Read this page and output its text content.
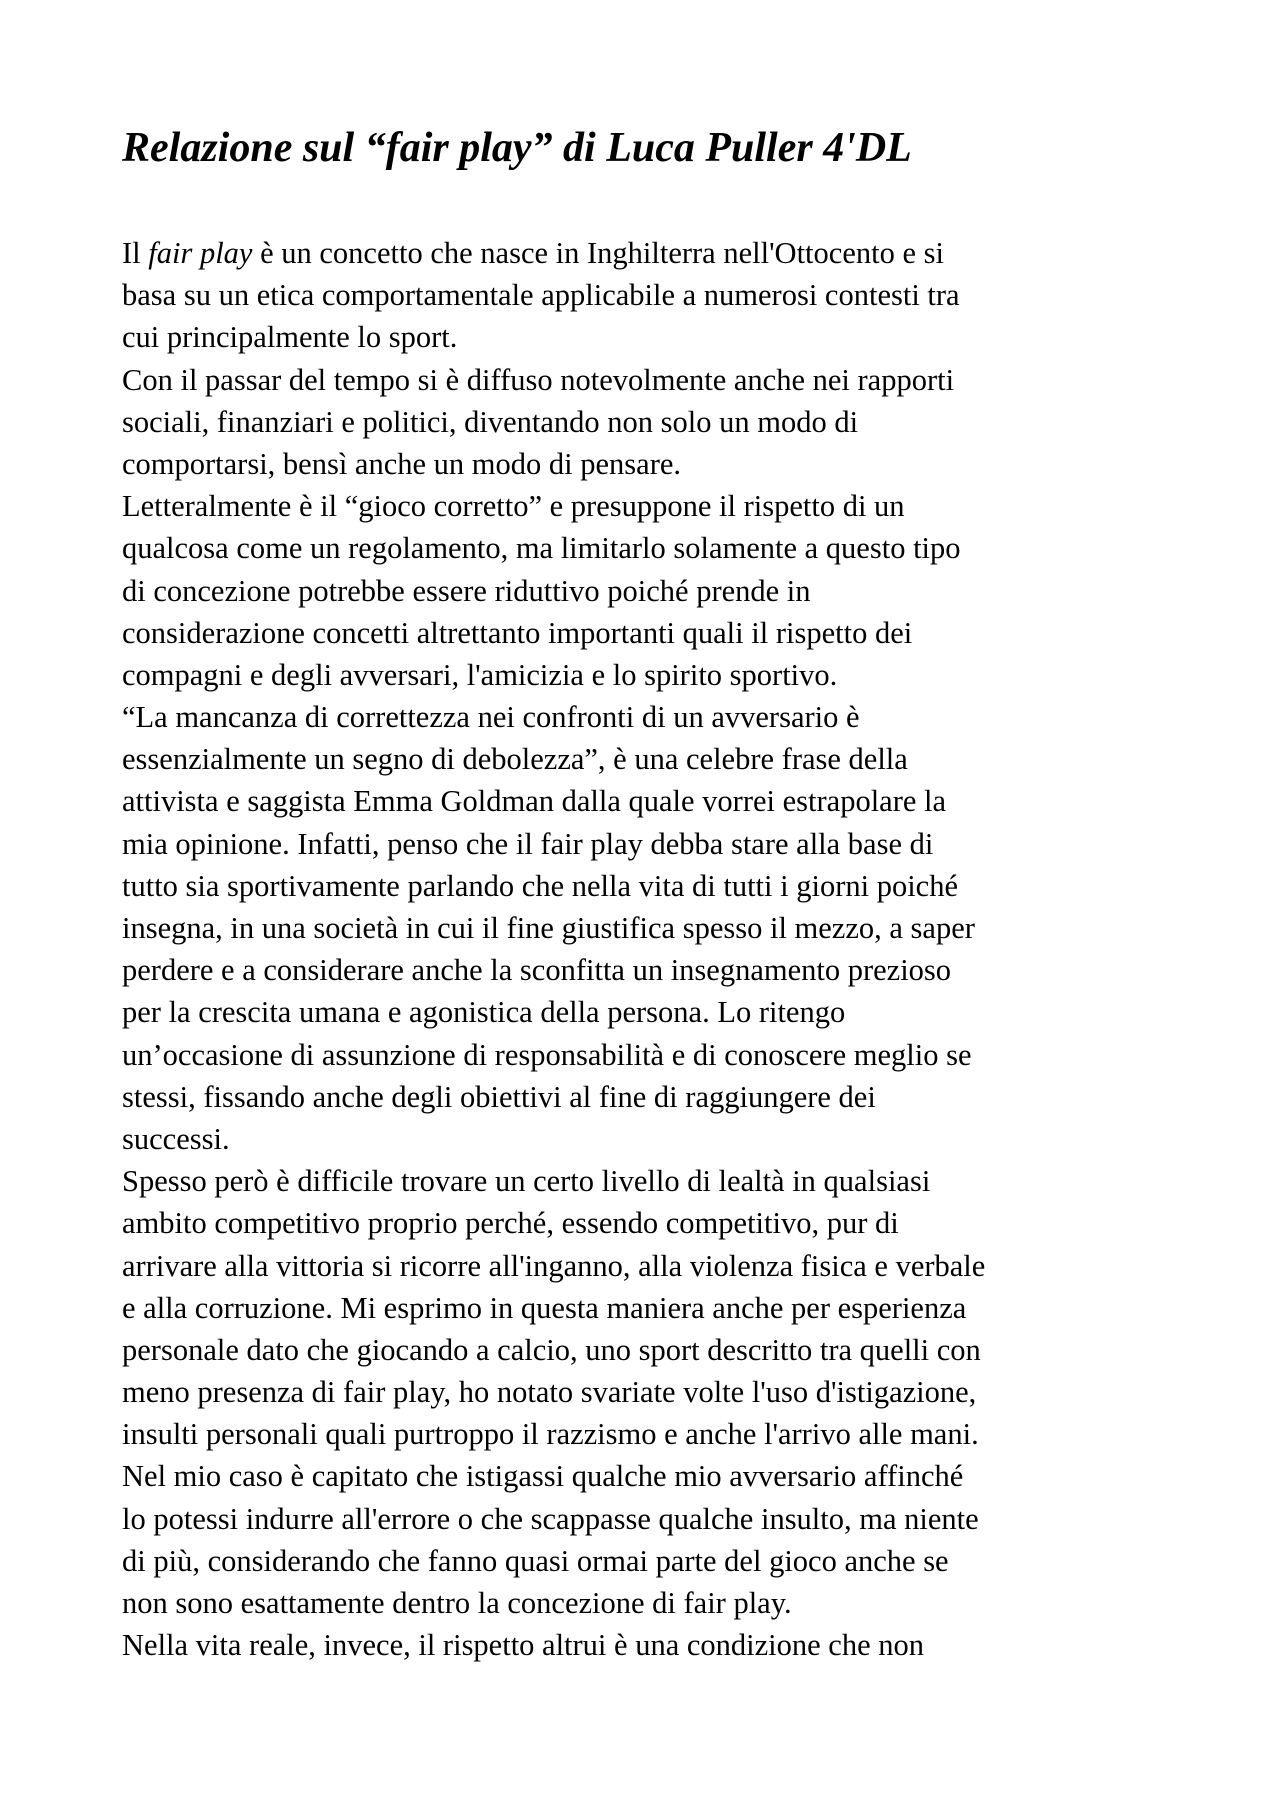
Relazione sul “fair play” di Luca Puller 4'DL
Il fair play è un concetto che nasce in Inghilterra nell'Ottocento e si
basa su un etica comportamentale applicabile a numerosi contesti tra
cui principalmente lo sport.
Con il passar del tempo si è diffuso notevolmente anche nei rapporti
sociali, finanziari e politici, diventando non solo un modo di
comportarsi, bensì anche un modo di pensare.
Letteralmente è il “gioco corretto” e presuppone il rispetto di un
qualcosa come un regolamento, ma limitarlo solamente a questo tipo
di concezione potrebbe essere riduttivo poiché prende in
considerazione concetti altrettanto importanti quali il rispetto dei
compagni e degli avversari, l'amicizia e lo spirito sportivo.
“La mancanza di correttezza nei confronti di un avversario è
essenzialmente un segno di debolezza”, è una celebre frase della
attivista e saggista Emma Goldman dalla quale vorrei estrapolare la
mia opinione. Infatti, penso che il fair play debba stare alla base di
tutto sia sportivamente parlando che nella vita di tutti i giorni poiché
insegna, in una società in cui il fine giustifica spesso il mezzo, a saper
perdere e a considerare anche la sconfitta un insegnamento prezioso
per la crescita umana e agonistica della persona. Lo ritengo
un’occasione di assunzione di responsabilità e di conoscere meglio se
stessi, fissando anche degli obiettivi al fine di raggiungere dei
successi.
Spesso però è difficile trovare un certo livello di lealtà in qualsiasi
ambito competitivo proprio perché, essendo competitivo, pur di
arrivare alla vittoria si ricorre all'inganno, alla violenza fisica e verbale
e alla corruzione. Mi esprimo in questa maniera anche per esperienza
personale dato che giocando a calcio, uno sport descritto tra quelli con
meno presenza di fair play, ho notato svariate volte l'uso d'istigazione,
insulti personali quali purtroppo il razzismo e anche l'arrivo alle mani.
Nel mio caso è capitato che istigassi qualche mio avversario affinché
lo potessi indurre all'errore o che scappasse qualche insulto, ma niente
di più, considerando che fanno quasi ormai parte del gioco anche se
non sono esattamente dentro la concezione di fair play.
Nella vita reale, invece, il rispetto altrui è una condizione che non
